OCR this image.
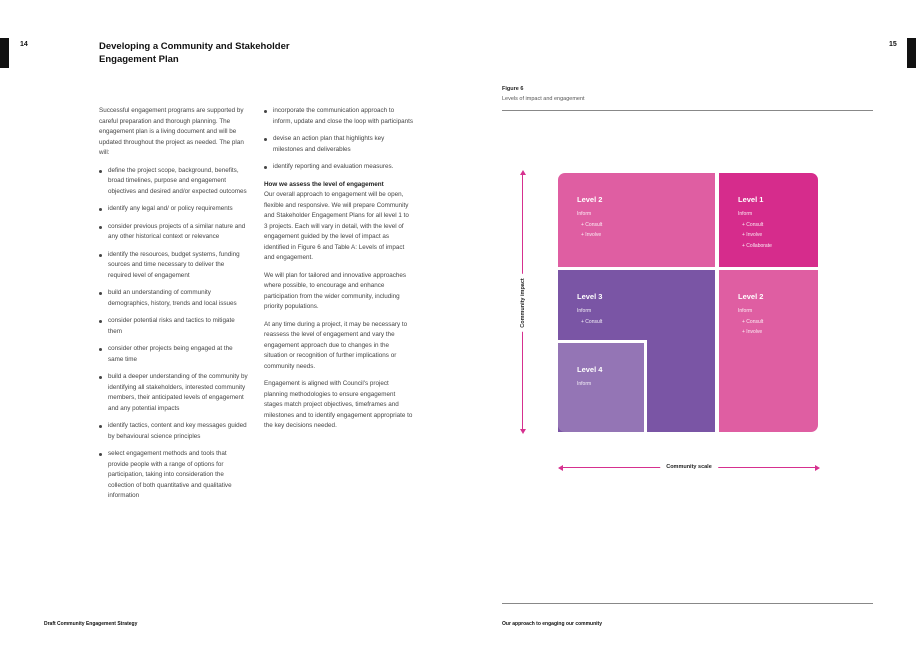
14	15
Developing a Community and Stakeholder Engagement Plan

Successful engagement programs are supported by careful preparation and thorough planning. The engagement plan is a living document and will be updated throughout the project as needed. The plan will:

define the project scope, background, benefits, broad timelines, purpose and engagement objectives and desired and/or expected outcomes
identify any legal and/ or policy requirements
consider previous projects of a similar nature and any other historical context or relevance
identify the resources, budget systems, funding sources and time necessary to deliver the required level of engagement
build an understanding of community demographics, history, trends and local issues
consider potential risks and tactics to mitigate them
consider other projects being engaged at the same time
build a deeper understanding of the community by identifying all stakeholders, interested community members, their anticipated levels of engagement and any potential impacts
identify tactics, content and key messages guided by behavioural science principles
select engagement methods and tools that provide people with a range of options for participation, taking into consideration the collection of both quantitative and qualitative information
incorporate the communication approach to inform, update and close the loop with participants
devise an action plan that highlights key milestones and deliverables
identify reporting and evaluation measures.

How we assess the level of engagement

Our overall approach to engagement will be open, flexible and responsive. We will prepare Community and Stakeholder Engagement Plans for all level 1 to 3 projects. Each will vary in detail, with the level of engagement guided by the level of impact as identified in Figure 6 and Table A: Levels of impact and engagement.

We will plan for tailored and innovative approaches where possible, to encourage and enhance participation from the wider community, including priority populations.

At any time during a project, it may be necessary to reassess the level of engagement and vary the engagement approach due to changes in the situation or recognition of further implications or community needs.

Engagement is aligned with Council's project planning methodologies to ensure engagement stages match project objectives, timeframes and milestones and to identify engagement appropriate to the key decisions needed.

Figure 6
Levels of impact and engagement
Community impact
Community scale
Level 2
Inform
+ Consult
+ Involve
Level 1
Inform
+ Consult
+ Involve
+ Collaborate
Level 3
Inform
+ Consult
Level 2
Inform
+ Consult
+ Involve
Level 4
Inform
Draft Community Engagement Strategy	Our approach to engaging our community
